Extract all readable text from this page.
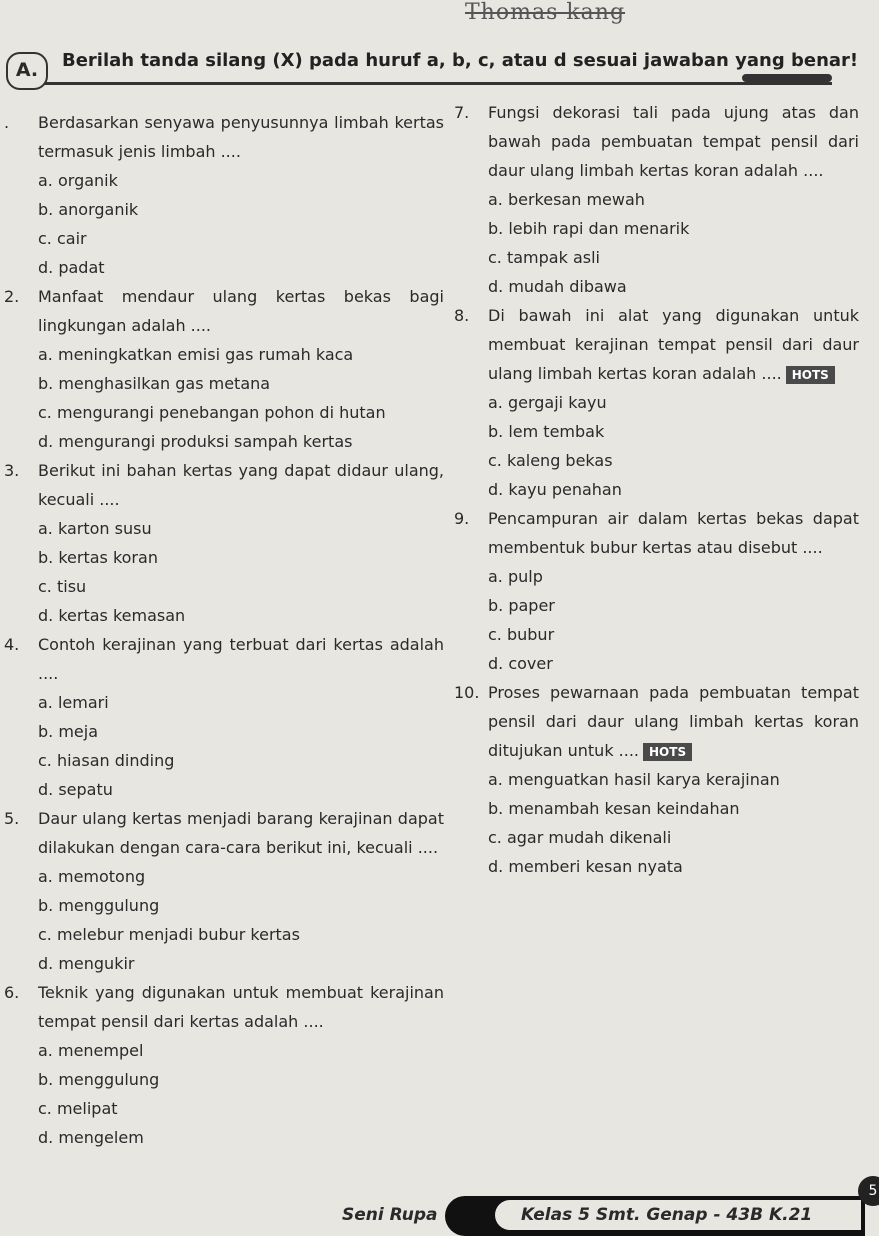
Thomas kang
A.	Berilah tanda silang (X) pada huruf a, b, c, atau d sesuai jawaban yang benar!
.	Berdasarkan senyawa penyusunnya limbah kertas termasuk jenis limbah ....
a. organik
b. anorganik
c. cair
d. padat
2.	Manfaat mendaur ulang kertas bekas bagi lingkungan adalah ....
a. meningkatkan emisi gas rumah kaca
b. menghasilkan gas metana
c. mengurangi penebangan pohon di hutan
d. mengurangi produksi sampah kertas
3.	Berikut ini bahan kertas yang dapat didaur ulang, kecuali ....
a. karton susu
b. kertas koran
c. tisu
d. kertas kemasan
4.	Contoh kerajinan yang terbuat dari kertas adalah ....
a. lemari
b. meja
c. hiasan dinding
d. sepatu
5.	Daur ulang kertas menjadi barang kerajinan dapat dilakukan dengan cara-cara berikut ini, kecuali ....
a. memotong
b. menggulung
c. melebur menjadi bubur kertas
d. mengukir
6.	Teknik yang digunakan untuk membuat kerajinan tempat pensil dari kertas adalah ....
a. menempel
b. menggulung
c. melipat
d. mengelem
7.	Fungsi dekorasi tali pada ujung atas dan bawah pada pembuatan tempat pensil dari daur ulang limbah kertas koran adalah ....
a. berkesan mewah
b. lebih rapi dan menarik
c. tampak asli
d. mudah dibawa
8.	Di bawah ini alat yang digunakan untuk membuat kerajinan tempat pensil dari daur ulang limbah kertas koran adalah .... HOTS
a. gergaji kayu
b. lem tembak
c. kaleng bekas
d. kayu penahan
9.	Pencampuran air dalam kertas bekas dapat membentuk bubur kertas atau disebut ....
a. pulp
b. paper
c. bubur
d. cover
10. Proses pewarnaan pada pembuatan tempat pensil dari daur ulang limbah kertas koran ditujukan untuk .... HOTS
a. menguatkan hasil karya kerajinan
b. menambah kesan keindahan
c. agar mudah dikenali
d. memberi kesan nyata
Seni Rupa	Kelas 5 Smt. Genap - 43B K.21
5
